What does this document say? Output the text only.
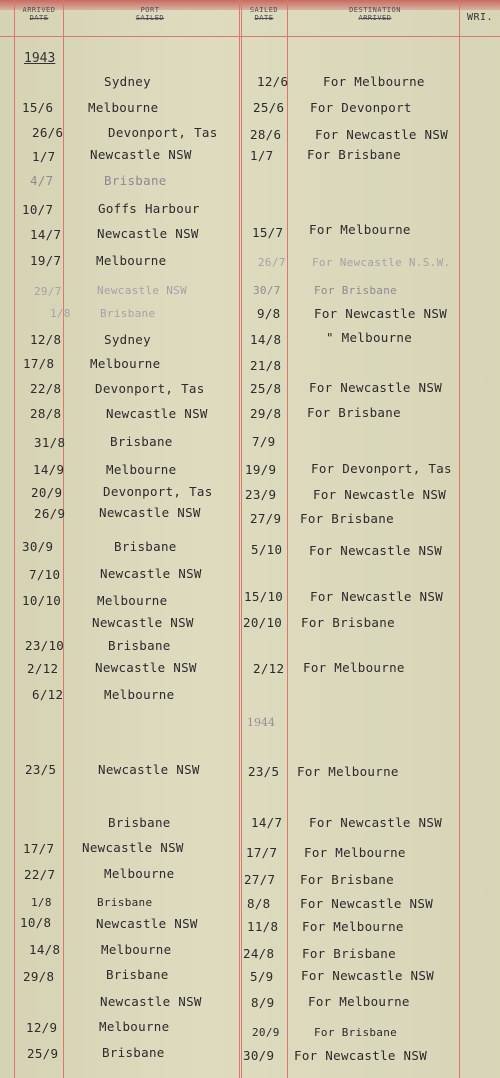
ARRIVED
DATE
PORT
SAILED
SAILED
DATE
DESTINATION
ARRIVED	WRI.
1943
1944
Sydney	12/6	For Melbourne
15/6	Melbourne	25/6 For Devonport
26/6	Devonport, Tas	28/6	For Newcastle NSW
1/7	Newcastle NSW	1/7	For Brisbane
4/7	Brisbane
10/7	Goffs Harbour
14/7	Newcastle NSW	15/7 For Melbourne
19/7	Melbourne	26/7 For Newcastle N.S.W.
29/7	Newcastle NSW	30/7	For Brisbane
1/8	Brisbane	9/8	For Newcastle NSW
12/8	Sydney	14/8	" Melbourne
17/8	Melbourne	21/8
22/8	Devonport, Tas	25/8 For Newcastle NSW
28/8	Newcastle NSW	29/8 For Brisbane
31/8	Brisbane	7/9
14/9	Melbourne	19/9	For Devonport, Tas
20/9	Devonport, Tas	23/9	For Newcastle NSW
26/9	Newcastle NSW	27/9 For Brisbane
30/9	Brisbane	5/10 For Newcastle NSW
7/10	Newcastle NSW
10/10	Melbourne	15/10 For Newcastle NSW
Newcastle NSW	20/10 For Brisbane
23/10	Brisbane
2/12	Newcastle NSW	2/12 For Melbourne
6/12	Melbourne
23/5	Newcastle NSW	23/5 For Melbourne
Brisbane	14/7 For Newcastle NSW
17/7 Newcastle NSW	17/7 For Melbourne
22/7	Melbourne	27/7 For Brisbane
1/8	Brisbane	8/8 For Newcastle NSW
10/8	Newcastle NSW	11/8 For Melbourne
14/8	Melbourne	24/8 For Brisbane
29/8	Brisbane	5/9 For Newcastle NSW
Newcastle NSW	8/9	For Melbourne
12/9	Melbourne	20/9	For Brisbane
25/9	Brisbane	30/9 For Newcastle NSW
